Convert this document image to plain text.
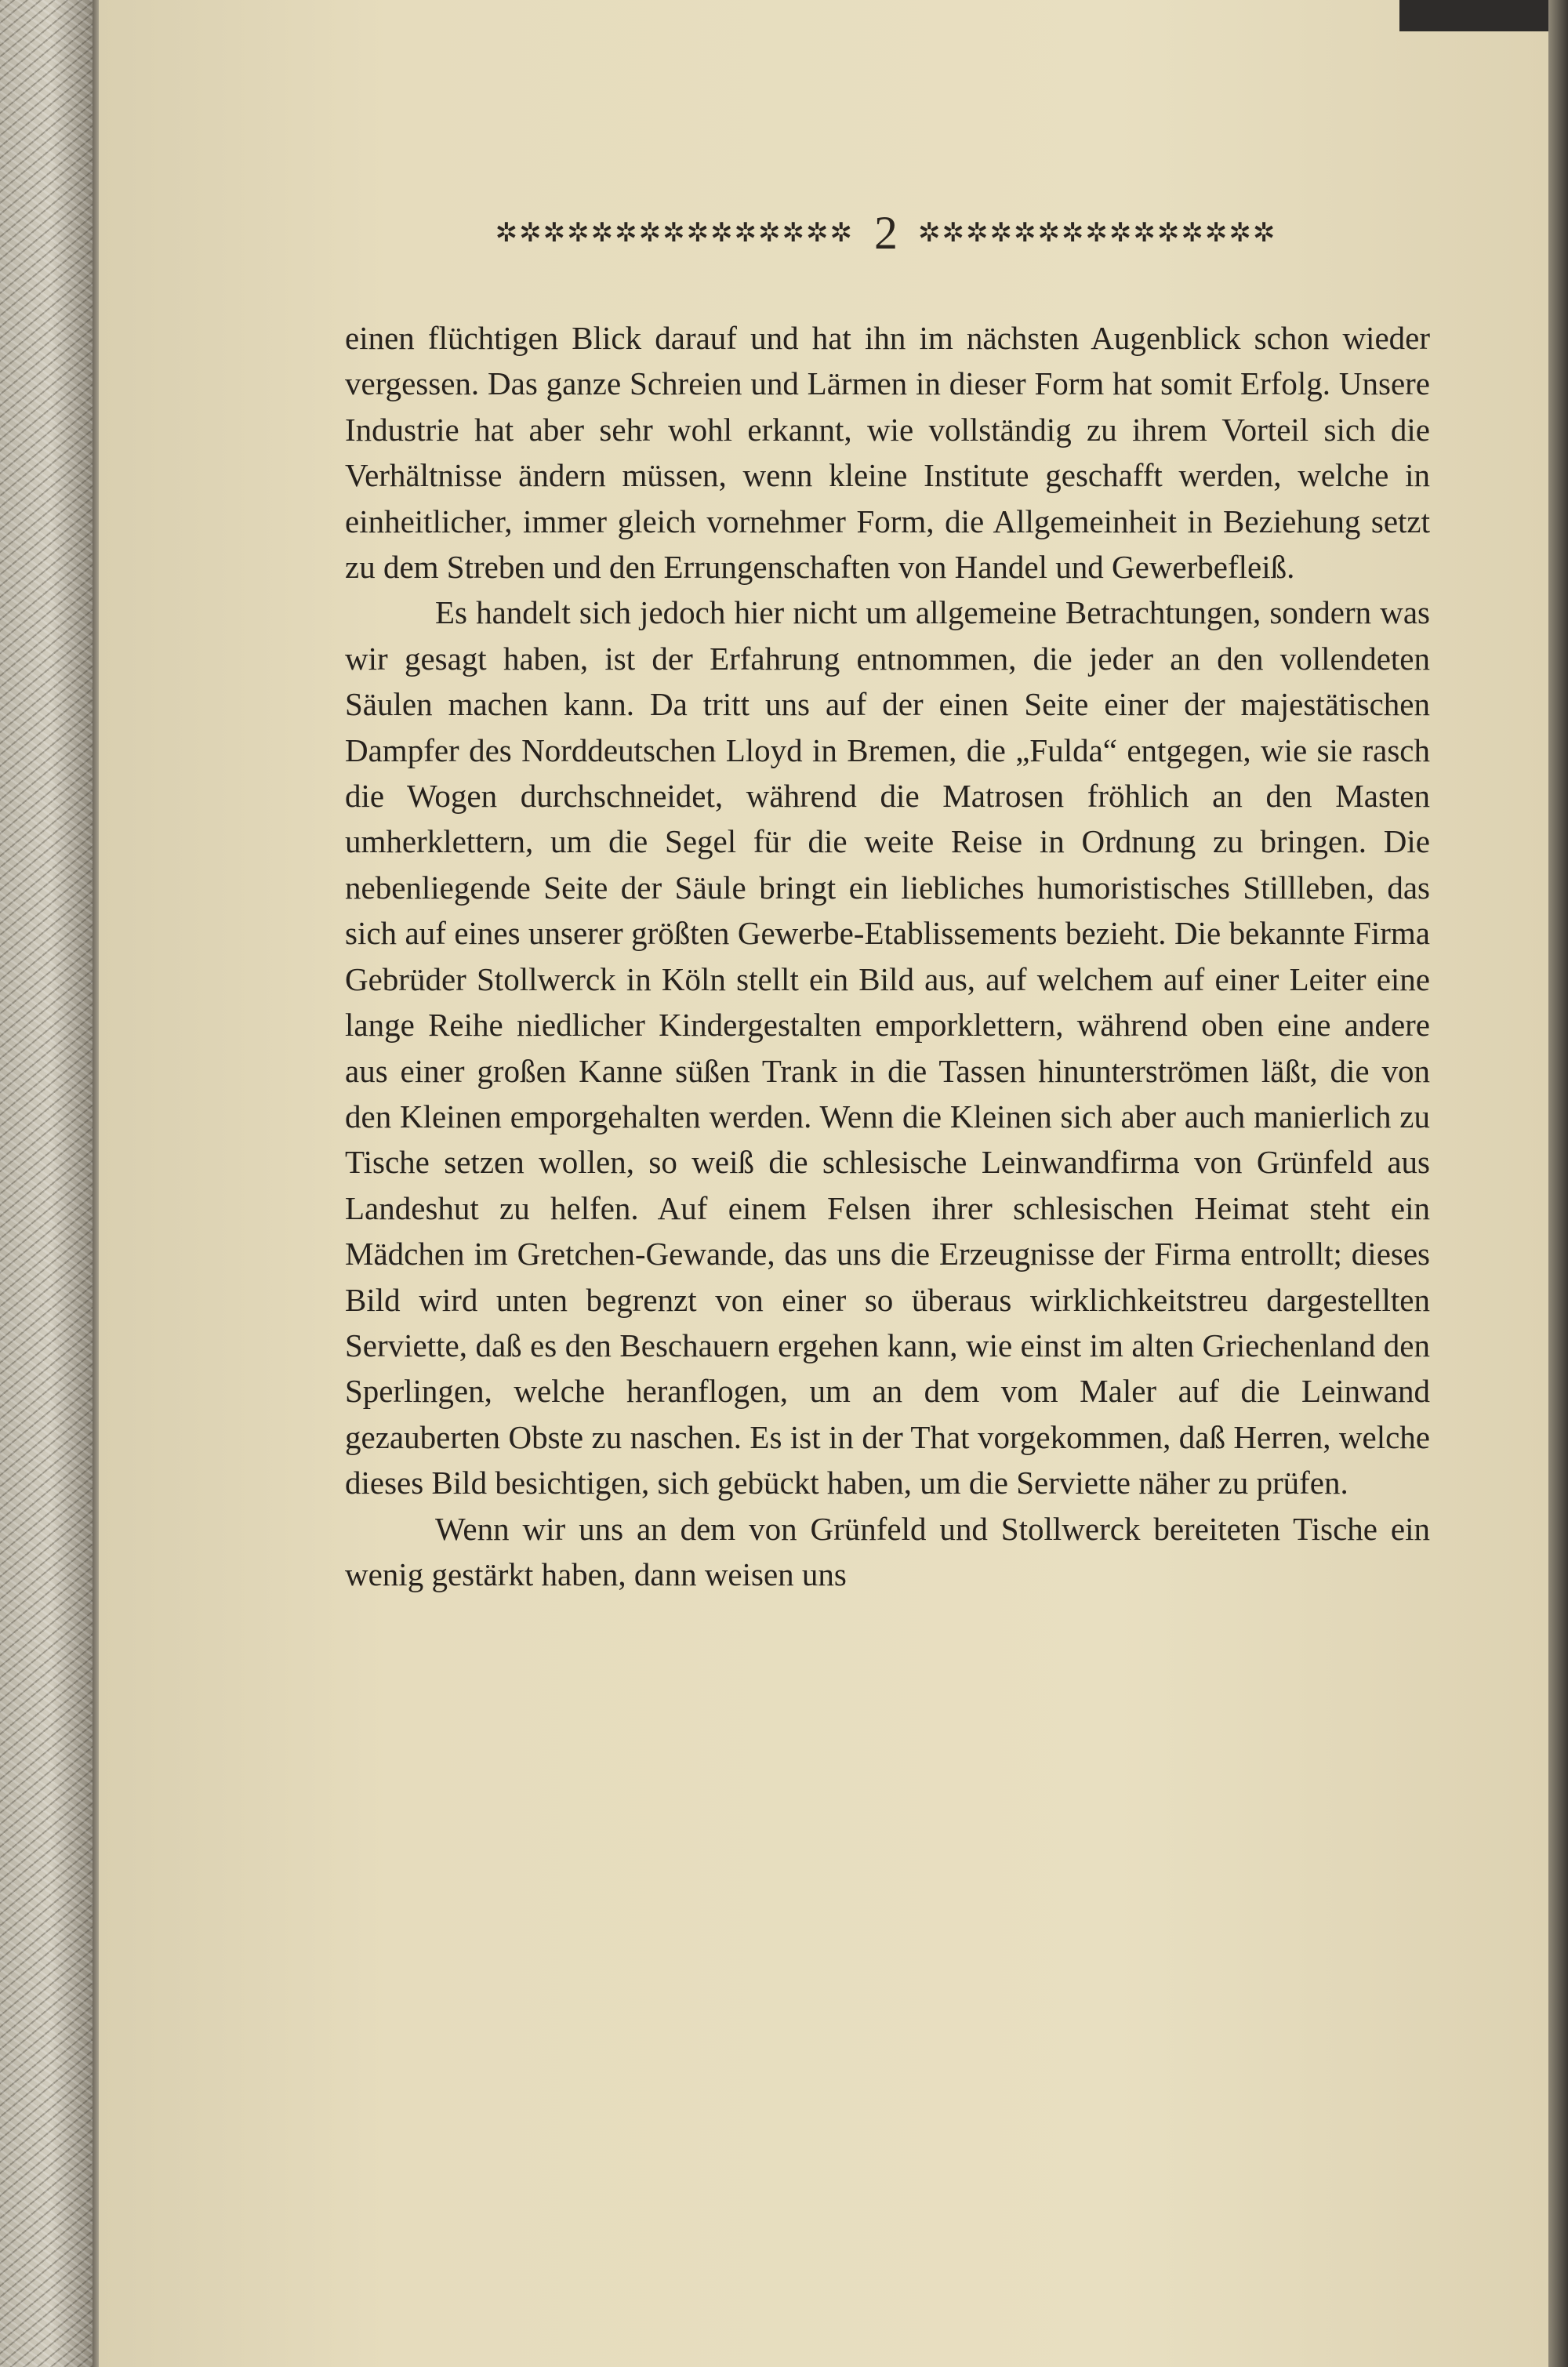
✲✲✲✲✲✲✲✲✲✲✲✲✲✲✲ 2 ✲✲✲✲✲✲✲✲✲✲✲✲✲✲✲

einen flüchtigen Blick darauf und hat ihn im nächsten Augenblick schon wieder vergessen. Das ganze Schreien und Lärmen in dieser Form hat somit Erfolg. Unsere Industrie hat aber sehr wohl erkannt, wie vollständig zu ihrem Vorteil sich die Verhältnisse ändern müssen, wenn kleine Institute geschafft werden, welche in einheitlicher, immer gleich vornehmer Form, die Allgemeinheit in Beziehung setzt zu dem Streben und den Errungenschaften von Handel und Gewerbefleiß.

Es handelt sich jedoch hier nicht um allgemeine Betrachtungen, sondern was wir gesagt haben, ist der Erfahrung entnommen, die jeder an den vollendeten Säulen machen kann. Da tritt uns auf der einen Seite einer der majestätischen Dampfer des Norddeutschen Lloyd in Bremen, die „Fulda“ entgegen, wie sie rasch die Wogen durchschneidet, während die Matrosen fröhlich an den Masten umherklettern, um die Segel für die weite Reise in Ordnung zu bringen. Die nebenliegende Seite der Säule bringt ein liebliches humoristisches Stillleben, das sich auf eines unserer größten Gewerbe-Etablissements bezieht. Die bekannte Firma Gebrüder Stollwerck in Köln stellt ein Bild aus, auf welchem auf einer Leiter eine lange Reihe niedlicher Kindergestalten emporklettern, während oben eine andere aus einer großen Kanne süßen Trank in die Tassen hinunterströmen läßt, die von den Kleinen emporgehalten werden. Wenn die Kleinen sich aber auch manierlich zu Tische setzen wollen, so weiß die schlesische Leinwandfirma von Grünfeld aus Landeshut zu helfen. Auf einem Felsen ihrer schlesischen Heimat steht ein Mädchen im Gretchen-Gewande, das uns die Erzeugnisse der Firma entrollt; dieses Bild wird unten begrenzt von einer so überaus wirklichkeitstreu dargestellten Serviette, daß es den Beschauern ergehen kann, wie einst im alten Griechenland den Sperlingen, welche heranflogen, um an dem vom Maler auf die Leinwand gezauberten Obste zu naschen. Es ist in der That vorgekommen, daß Herren, welche dieses Bild besichtigen, sich gebückt haben, um die Serviette näher zu prüfen.

Wenn wir uns an dem von Grünfeld und Stollwerck bereiteten Tische ein wenig gestärkt haben, dann weisen uns
